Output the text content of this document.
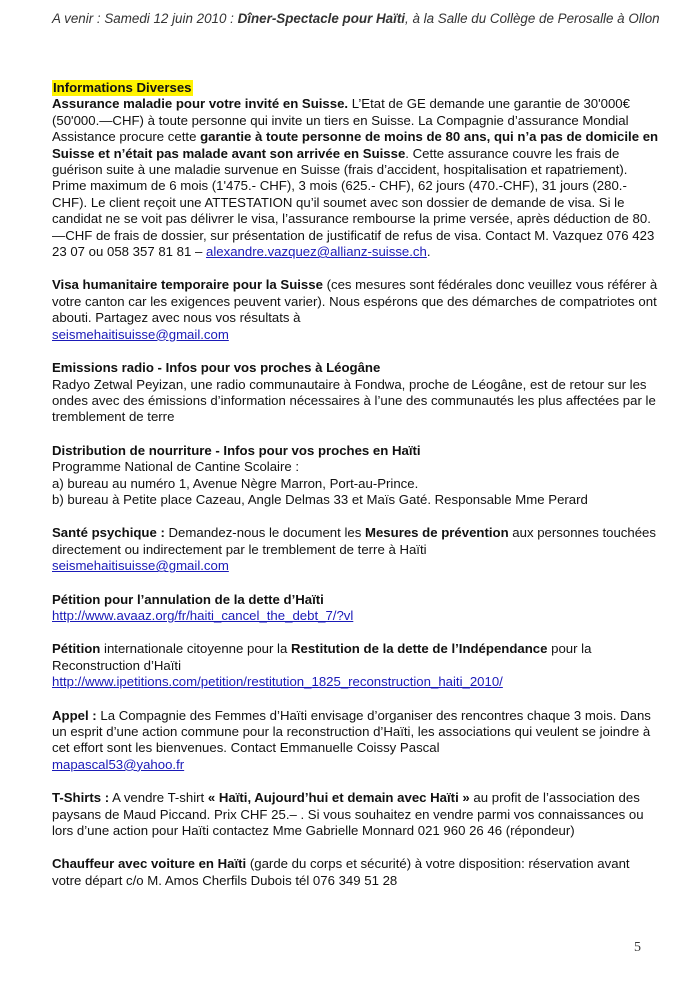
A venir : Samedi 12 juin 2010 : Dîner-Spectacle pour Haïti, à la Salle du Collège de Perosalle à Ollon
Informations Diverses
Assurance maladie pour votre invité en Suisse. L’Etat de GE demande une garantie de 30'000€ (50'000.—CHF) à toute personne qui invite un tiers en Suisse. La Compagnie d’assurance Mondial Assistance procure cette garantie à toute personne de moins de 80 ans, qui n’a pas de domicile en Suisse et n’était pas malade avant son arrivée en Suisse. Cette assurance couvre les frais de guérison suite à une maladie survenue en Suisse (frais d’accident, hospitalisation et rapatriement). Prime maximum de 6 mois (1'475.- CHF), 3 mois (625.- CHF), 62 jours (470.-CHF), 31 jours (280.- CHF). Le client reçoit une ATTESTATION qu’il soumet avec son dossier de demande de visa. Si le candidat ne se voit pas délivrer le visa, l’assurance rembourse la prime versée, après déduction de 80.—CHF de frais de dossier, sur présentation de justificatif de refus de visa. Contact M. Vazquez 076 423 23 07 ou 058 357 81 81 – alexandre.vazquez@allianz-suisse.ch.
Visa humanitaire temporaire pour la Suisse (ces mesures sont fédérales donc veuillez vous référer à votre canton car les exigences peuvent varier). Nous espérons que des démarches de compatriotes ont abouti. Partagez avec nous vos résultats à
seismehaitisuisse@gmail.com
Emissions radio - Infos pour vos proches à Léogâne
Radyo Zetwal Peyizan, une radio communautaire à Fondwa, proche de Léogâne, est de retour sur les ondes avec des émissions d’information nécessaires à l’une des communautés les plus affectées par le tremblement de terre
Distribution de nourriture - Infos pour vos proches en Haïti
Programme National de Cantine Scolaire :
a) bureau au numéro 1, Avenue Nègre Marron, Port-au-Prince.
b) bureau à Petite place Cazeau, Angle Delmas 33 et Maïs Gaté. Responsable Mme Perard
Santé psychique : Demandez-nous le document les Mesures de prévention aux personnes touchées directement ou indirectement par le tremblement de terre à Haïti
seismehaitisuisse@gmail.com
Pétition pour l’annulation de la dette d’Haïti
http://www.avaaz.org/fr/haiti_cancel_the_debt_7/?vl
Pétition internationale citoyenne pour la Restitution de la dette de l’Indépendance pour la Reconstruction d’Haïti
http://www.ipetitions.com/petition/restitution_1825_reconstruction_haiti_2010/
Appel : La Compagnie des Femmes d’Haïti envisage d’organiser des rencontres chaque 3 mois. Dans un esprit d’une action commune pour la reconstruction d’Haïti, les associations qui veulent se joindre à cet effort sont les bienvenues. Contact Emmanuelle Coissy Pascal
mapascal53@yahoo.fr
T-Shirts : A vendre T-shirt « Haïti, Aujourd’hui et demain avec Haïti » au profit de l’association des paysans de Maud Piccand. Prix CHF 25.– . Si vous souhaitez en vendre parmi vos connaissances ou lors d’une action pour Haïti contactez Mme Gabrielle Monnard 021 960 26 46 (répondeur)
Chauffeur avec voiture en Haïti (garde du corps et sécurité) à votre disposition: réservation avant votre départ c/o M. Amos Cherfils Dubois tél 076 349 51 28
5
